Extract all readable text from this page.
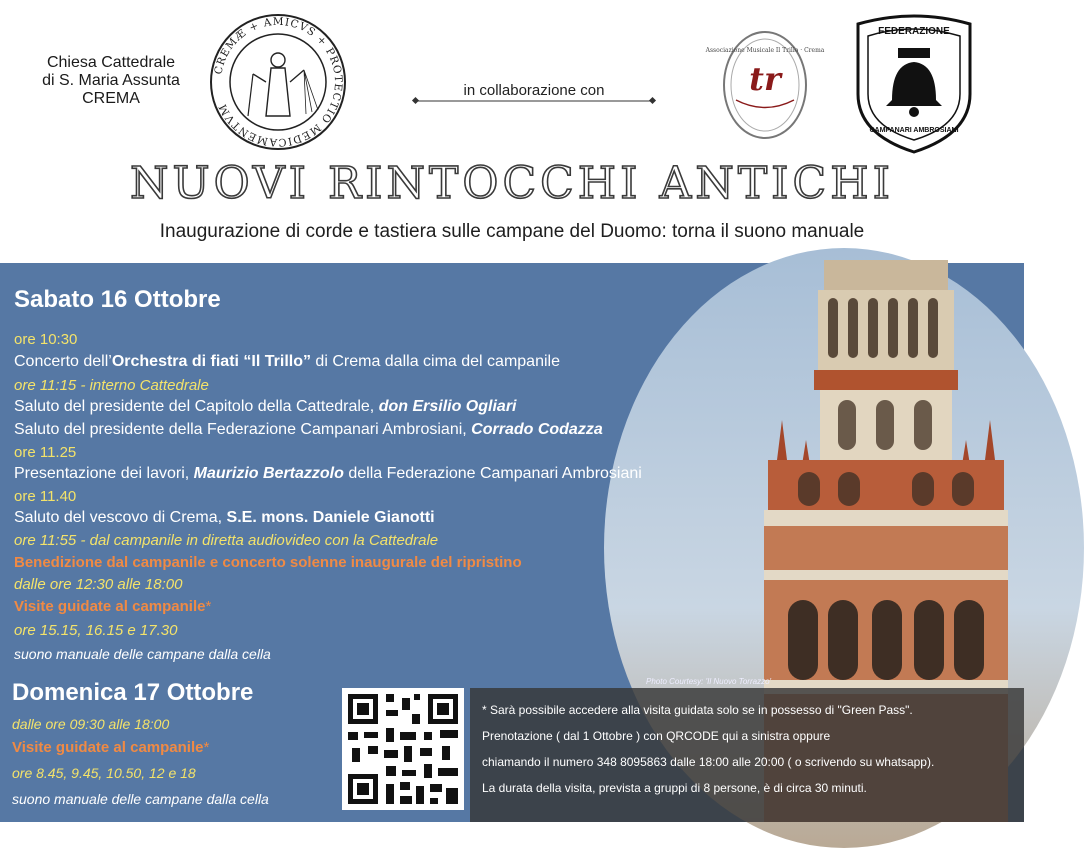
Chiesa Cattedrale
di S. Maria Assunta
CREMA
CREMÆ + AMICVS + PROTECTIO MEDICAMENTVM
in collaborazione con	tr
Associazione Musicale Il Trillo · Crema
FEDERAZIONE
CAMPANARI AMBROSIANI
NUOVI RINTOCCHI ANTICHI
Inaugurazione di corde e tastiera sulle campane del Duomo: torna il suono manuale
Photo Courtesy: 'Il Nuovo Torrazzo'
Sabato 16 Ottobre
ore 10:30
Concerto dell’Orchestra di fiati “Il Trillo” di Crema dalla cima del campanile
ore 11:15 - interno Cattedrale
Saluto del presidente del Capitolo della Cattedrale, don Ersilio Ogliari
Saluto del presidente della Federazione Campanari Ambrosiani, Corrado Codazza
ore 11.25
Presentazione dei lavori, Maurizio Bertazzolo della Federazione Campanari Ambrosiani
ore 11.40
Saluto del vescovo di Crema, S.E. mons. Daniele Gianotti
ore 11:55 - dal campanile in diretta audiovideo con la Cattedrale
Benedizione dal campanile e concerto solenne inaugurale del ripristino
dalle ore 12:30 alle 18:00
Visite guidate al campanile*
ore 15.15, 16.15 e 17.30
suono manuale delle campane dalla cella
Domenica 17 Ottobre
dalle ore 09:30 alle 18:00
Visite guidate al campanile*
ore 8.45, 9.45, 10.50, 12 e 18
suono manuale delle campane dalla cella
* Sarà possibile accedere alla visita guidata solo se in possesso di "Green Pass".
Prenotazione ( dal 1 Ottobre ) con QRCODE qui a sinistra oppure
chiamando il numero 348 8095863 dalle 18:00 alle 20:00 ( o scrivendo su whatsapp).
La durata della visita, prevista a gruppi di 8 persone, è di circa 30 minuti.
